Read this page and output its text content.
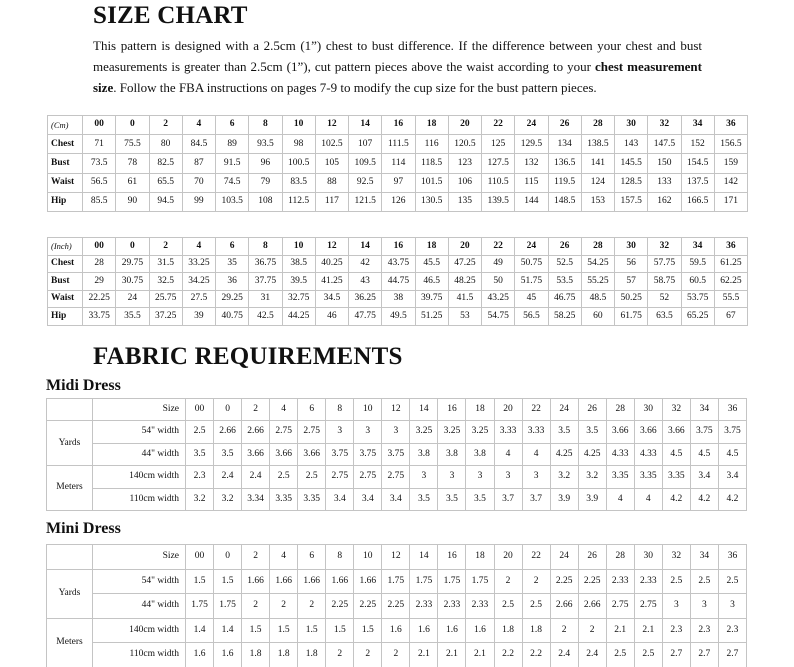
SIZE CHART

This pattern is designed with a 2.5cm (1”) chest to bust difference. If the difference between your chest and bust measurements is greater than 2.5cm (1”), cut pattern pieces above the waist according to your chest measurement size. Follow the FBA instructions on pages 7-9 to modify the cup size for the bust pattern pieces.

(Cm)	00	0	2	4	6	8	10	12	14	16	18	20	22	24	26	28	30	32	34	36
Chest	71	75.5	80	84.5	89	93.5	98	102.5	107	111.5	116	120.5	125	129.5	134	138.5	143	147.5	152	156.5
Bust	73.5	78	82.5	87	91.5	96	100.5	105	109.5	114	118.5	123	127.5	132	136.5	141	145.5	150	154.5	159
Waist	56.5	61	65.5	70	74.5	79	83.5	88	92.5	97	101.5	106	110.5	115	119.5	124	128.5	133	137.5	142
Hip	85.5	90	94.5	99	103.5	108	112.5	117	121.5	126	130.5	135	139.5	144	148.5	153	157.5	162	166.5	171
(Inch)	00	0	2	4	6	8	10	12	14	16	18	20	22	24	26	28	30	32	34	36
Chest	28	29.75	31.5	33.25	35	36.75	38.5	40.25	42	43.75	45.5	47.25	49	50.75	52.5	54.25	56	57.75	59.5	61.25
Bust	29	30.75	32.5	34.25	36	37.75	39.5	41.25	43	44.75	46.5	48.25	50	51.75	53.5	55.25	57	58.75	60.5	62.25
Waist	22.25	24	25.75	27.5	29.25	31	32.75	34.5	36.25	38	39.75	41.5	43.25	45	46.75	48.5	50.25	52	53.75	55.5
Hip	33.75	35.5	37.25	39	40.75	42.5	44.25	46	47.75	49.5	51.25	53	54.75	56.5	58.25	60	61.75	63.5	65.25	67
FABRIC REQUIREMENTS
Midi Dress
	Size	00	0	2	4	6	8	10	12	14	16	18	20	22	24	26	28	30	32	34	36
Yards	54" width	2.5	2.66	2.66	2.75	2.75	3	3	3	3.25	3.25	3.25	3.33	3.33	3.5	3.5	3.66	3.66	3.66	3.75	3.75
	44" width	3.5	3.5	3.66	3.66	3.66	3.75	3.75	3.75	3.8	3.8	3.8	4	4	4.25	4.25	4.33	4.33	4.5	4.5	4.5
Meters	140cm width	2.3	2.4	2.4	2.5	2.5	2.75	2.75	2.75	3	3	3	3	3	3.2	3.2	3.35	3.35	3.35	3.4	3.4
	110cm width	3.2	3.2	3.34	3.35	3.35	3.4	3.4	3.4	3.5	3.5	3.5	3.7	3.7	3.9	3.9	4	4	4.2	4.2	4.2
Mini Dress
	Size	00	0	2	4	6	8	10	12	14	16	18	20	22	24	26	28	30	32	34	36
Yards	54" width	1.5	1.5	1.66	1.66	1.66	1.66	1.66	1.75	1.75	1.75	1.75	2	2	2.25	2.25	2.33	2.33	2.5	2.5	2.5
	44" width	1.75	1.75	2	2	2	2.25	2.25	2.25	2.33	2.33	2.33	2.5	2.5	2.66	2.66	2.75	2.75	3	3	3
Meters	140cm width	1.4	1.4	1.5	1.5	1.5	1.5	1.5	1.6	1.6	1.6	1.6	1.8	1.8	2	2	2.1	2.1	2.3	2.3	2.3
	110cm width	1.6	1.6	1.8	1.8	1.8	2	2	2	2.1	2.1	2.1	2.2	2.2	2.4	2.4	2.5	2.5	2.7	2.7	2.7
